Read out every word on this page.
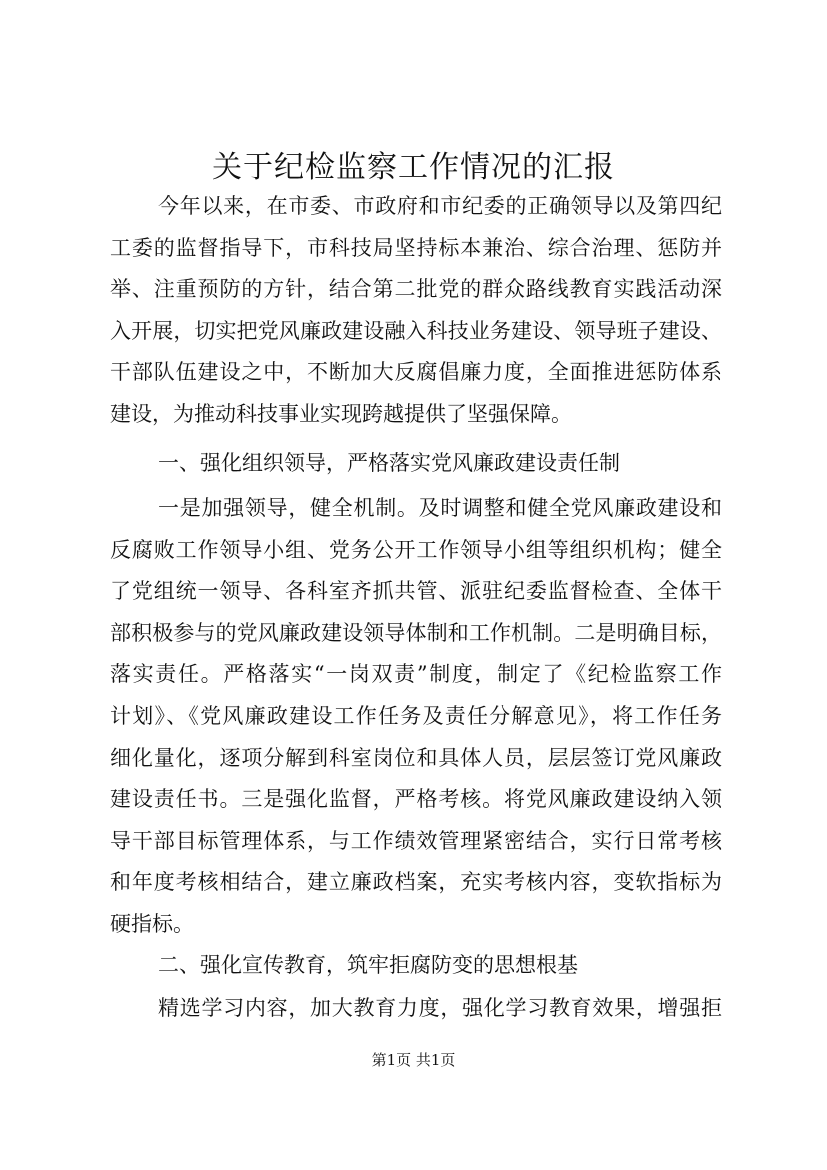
关于纪检监察工作情况的汇报
今年以来，在市委、市政府和市纪委的正确领导以及第四纪
工委的监督指导下，市科技局坚持标本兼治、综合治理、惩防并
举、注重预防的方针，结合第二批党的群众路线教育实践活动深
入开展，切实把党风廉政建设融入科技业务建设、领导班子建设、
干部队伍建设之中，不断加大反腐倡廉力度，全面推进惩防体系
建设，为推动科技事业实现跨越提供了坚强保障。
一、强化组织领导，严格落实党风廉政建设责任制
一是加强领导，健全机制。及时调整和健全党风廉政建设和
反腐败工作领导小组、党务公开工作领导小组等组织机构；健全
了党组统一领导、各科室齐抓共管、派驻纪委监督检查、全体干
部积极参与的党风廉政建设领导体制和工作机制。二是明确目标，
落实责任。严格落实“一岗双责”制度，制定了《纪检监察工作
计划》、《党风廉政建设工作任务及责任分解意见》，将工作任务
细化量化，逐项分解到科室岗位和具体人员，层层签订党风廉政
建设责任书。三是强化监督，严格考核。将党风廉政建设纳入领
导干部目标管理体系，与工作绩效管理紧密结合，实行日常考核
和年度考核相结合，建立廉政档案，充实考核内容，变软指标为
硬指标。
二、强化宣传教育，筑牢拒腐防变的思想根基
精选学习内容，加大教育力度，强化学习教育效果，增强拒
第1页 共1页
